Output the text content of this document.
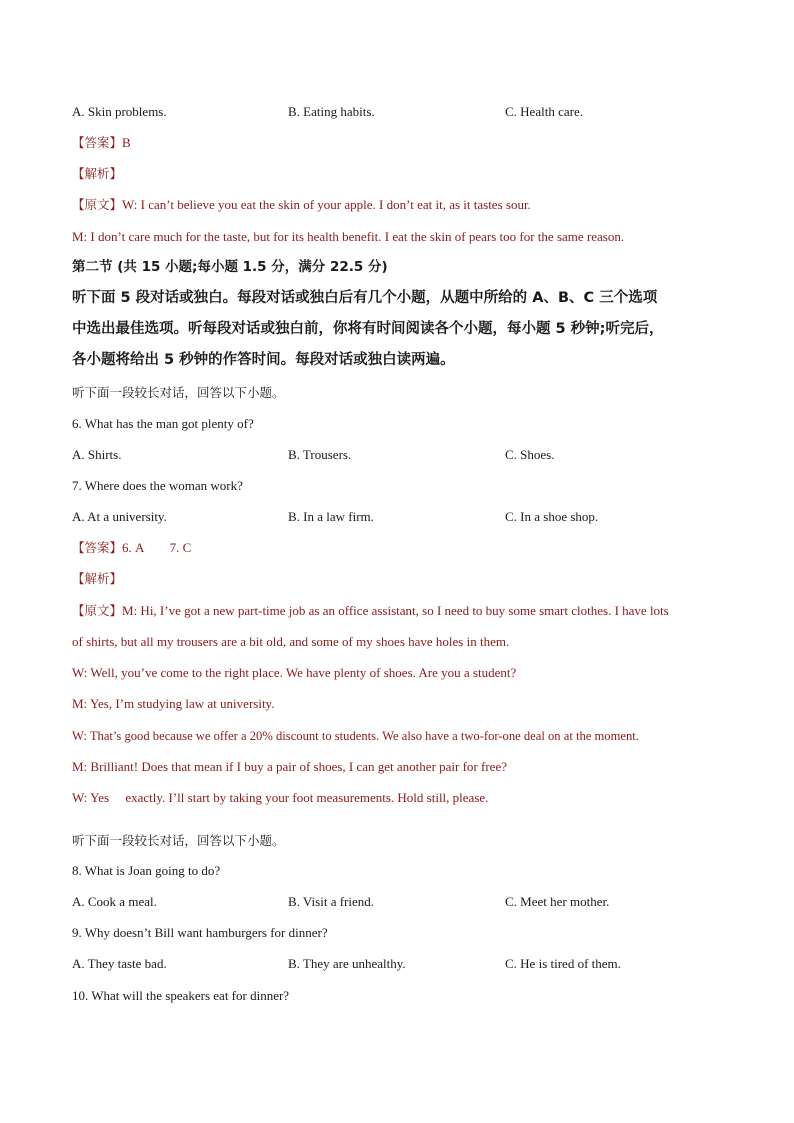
A. Skin problems.	B. Eating habits.	C. Health care.
【答案】B
【解析】
【原文】W: I can’t believe you eat the skin of your apple. I don’t eat it, as it tastes sour.
M: I don’t care much for the taste, but for its health benefit. I eat the skin of pears too for the same reason.
第二节 (共 15 小题;每小题 1.5 分，满分 22.5 分)
听下面 5 段对话或独白。每段对话或独白后有几个小题，从题中所给的 A、B、C 三个选项
中选出最佳选项。听每段对话或独白前，你将有时间阅读各个小题，每小题 5 秒钟;听完后，
各小题将给出 5 秒钟的作答时间。每段对话或独白读两遍。
听下面一段较长对话，回答以下小题。
6. What has the man got plenty of?
A. Shirts.	B. Trousers.	C. Shoes.
7. Where does the woman work?
A. At a university.	B. In a law firm.	C. In a shoe shop.
【答案】6. A        7. C
【解析】
【原文】M: Hi, I’ve got a new part-time job as an office assistant, so I need to buy some smart clothes. I have lots
of shirts, but all my trousers are a bit old, and some of my shoes have holes in them.
W: Well, you’ve come to the right place. We have plenty of shoes. Are you a student?
M: Yes, I’m studying law at university.
W: That’s good because we offer a 20% discount to students. We also have a two-for-one deal on at the moment.
M: Brilliant! Does that mean if I buy a pair of shoes, I can get another pair for free?
W: Yes     exactly. I’ll start by taking your foot measurements. Hold still, please.
听下面一段较长对话，回答以下小题。
8. What is Joan going to do?
A. Cook a meal.	B. Visit a friend.	C. Meet her mother.
9. Why doesn’t Bill want hamburgers for dinner?
A. They taste bad.	B. They are unhealthy.	C. He is tired of them.
10. What will the speakers eat for dinner?
